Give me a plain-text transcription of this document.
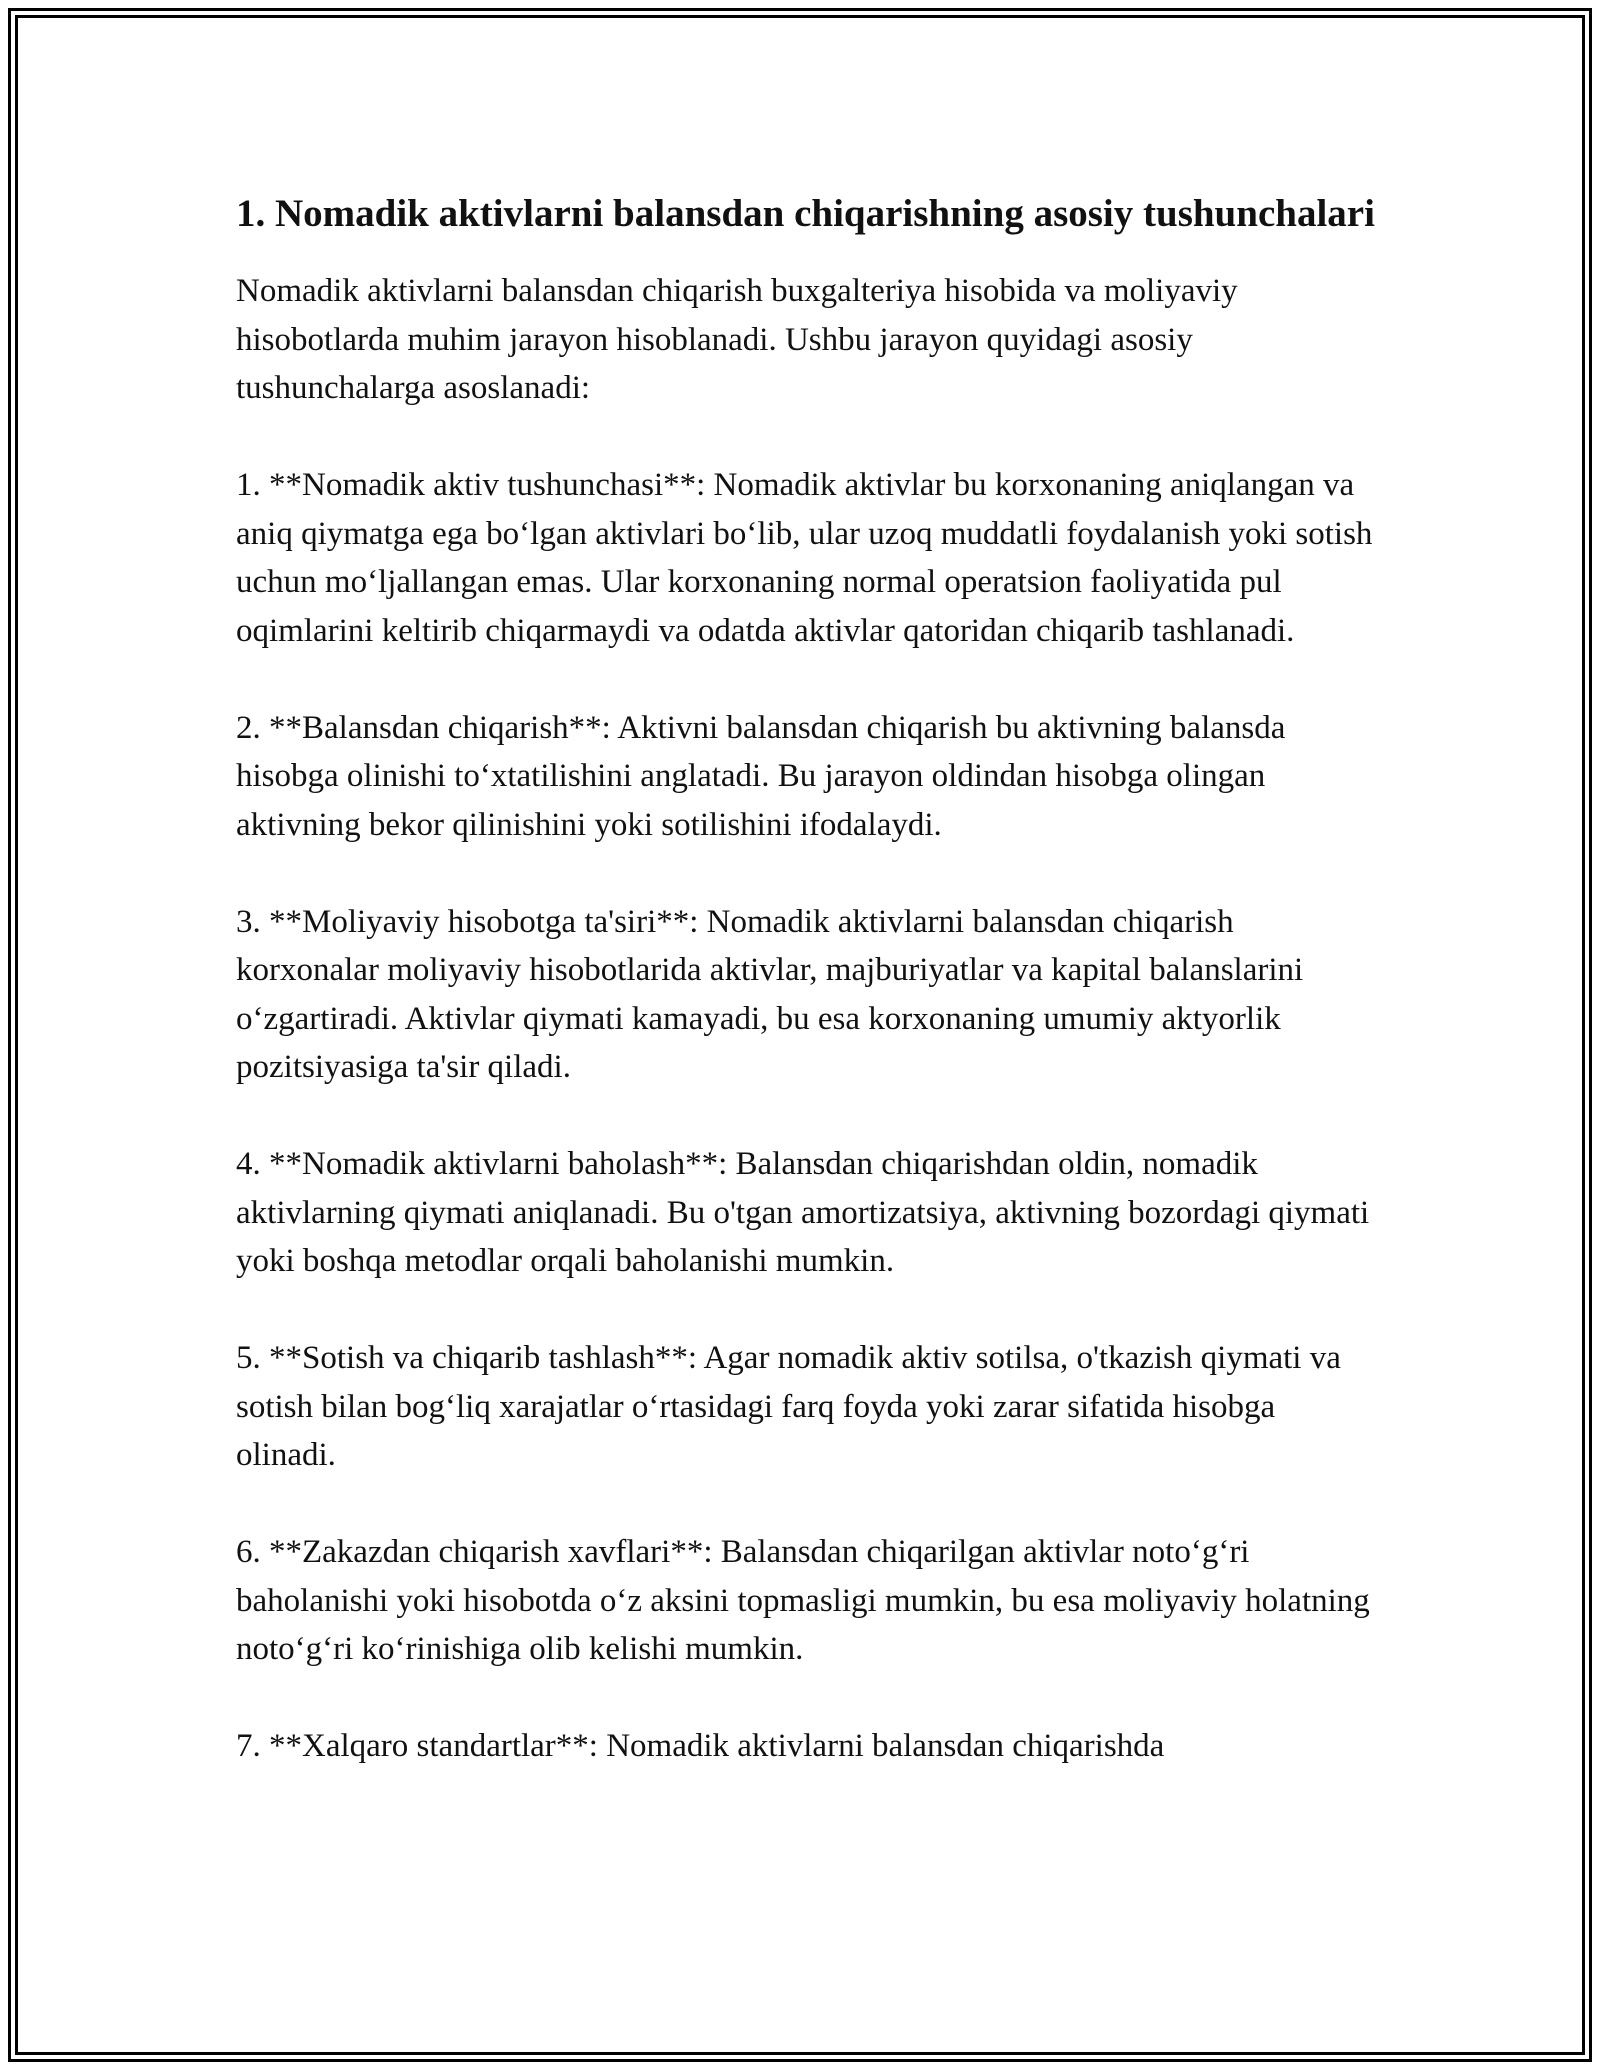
1. Nomadik aktivlarni balansdan chiqarishning asosiy tushunchalari

Nomadik aktivlarni balansdan chiqarish buxgalteriya hisobida va moliyaviy hisobotlarda muhim jarayon hisoblanadi. Ushbu jarayon quyidagi asosiy tushunchalarga asoslanadi:

1. **Nomadik aktiv tushunchasi**: Nomadik aktivlar bu korxonaning aniqlangan va aniq qiymatga ega bo‘lgan aktivlari bo‘lib, ular uzoq muddatli foydalanish yoki sotish uchun mo‘ljallangan emas. Ular korxonaning normal operatsion faoliyatida pul oqimlarini keltirib chiqarmaydi va odatda aktivlar qatoridan chiqarib tashlanadi.

2. **Balansdan chiqarish**: Aktivni balansdan chiqarish bu aktivning balansda hisobga olinishi to‘xtatilishini anglatadi. Bu jarayon oldindan hisobga olingan aktivning bekor qilinishini yoki sotilishini ifodalaydi.

3. **Moliyaviy hisobotga ta'siri**: Nomadik aktivlarni balansdan chiqarish korxonalar moliyaviy hisobotlarida aktivlar, majburiyatlar va kapital balanslarini o‘zgartiradi. Aktivlar qiymati kamayadi, bu esa korxonaning umumiy aktyorlik pozitsiyasiga ta'sir qiladi.

4. **Nomadik aktivlarni baholash**: Balansdan chiqarishdan oldin, nomadik aktivlarning qiymati aniqlanadi. Bu o'tgan amortizatsiya, aktivning bozordagi qiymati yoki boshqa metodlar orqali baholanishi mumkin.

5. **Sotish va chiqarib tashlash**: Agar nomadik aktiv sotilsa, o'tkazish qiymati va sotish bilan bog‘liq xarajatlar o‘rtasidagi farq foyda yoki zarar sifatida hisobga olinadi.

6. **Zakazdan chiqarish xavflari**: Balansdan chiqarilgan aktivlar noto‘g‘ri baholanishi yoki hisobotda o‘z aksini topmasligi mumkin, bu esa moliyaviy holatning noto‘g‘ri ko‘rinishiga olib kelishi mumkin.

7. **Xalqaro standartlar**: Nomadik aktivlarni balansdan chiqarishda
